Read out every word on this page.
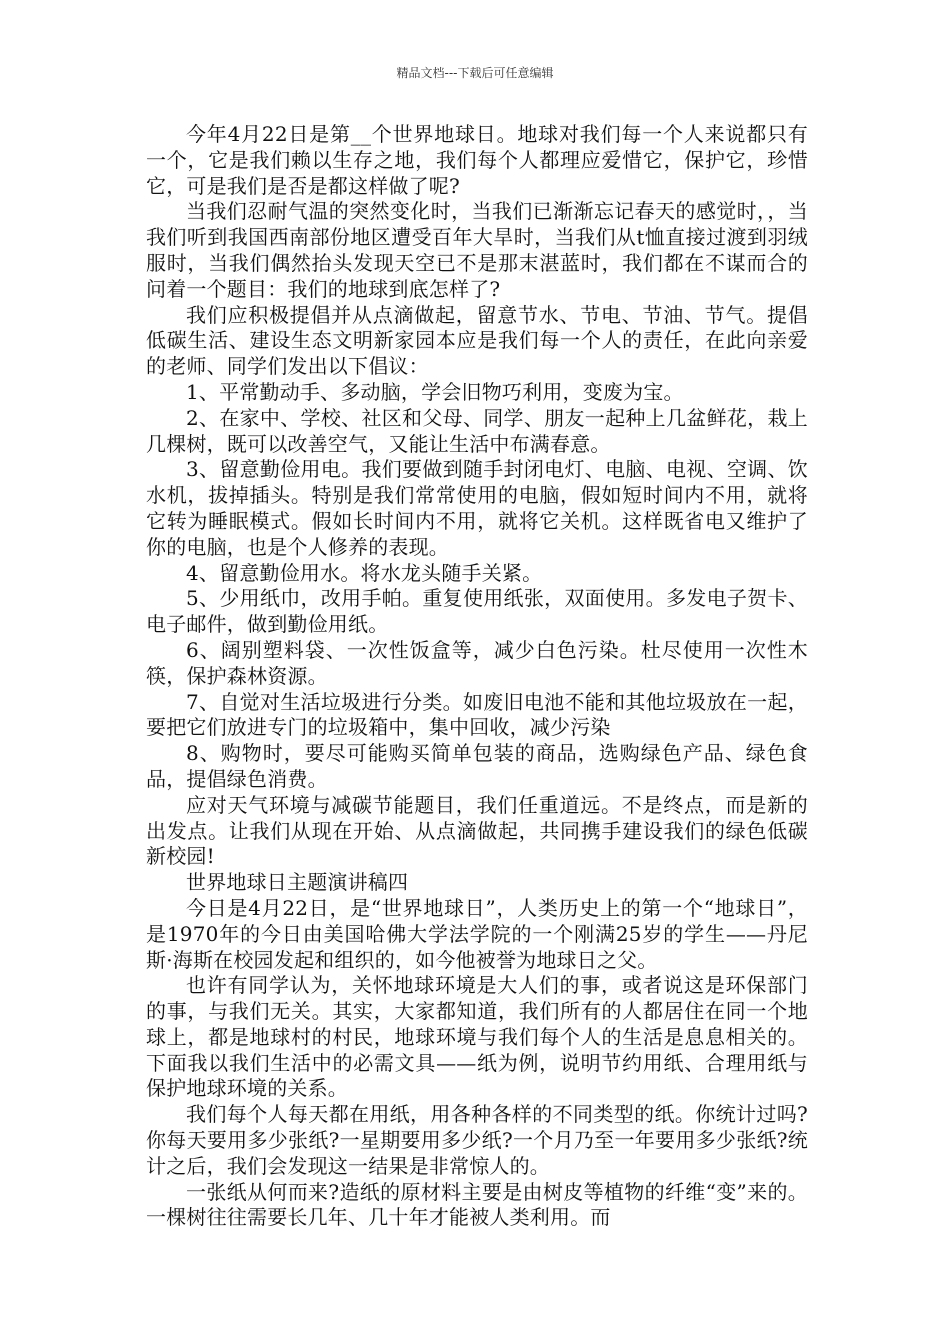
精品文档---下载后可任意编辑

今年4月22日是第__个世界地球日。地球对我们每一个人来说都只有一个，它是我们赖以生存之地，我们每个人都理应爱惜它，保护它，珍惜它，可是我们是否是都这样做了呢?

当我们忍耐气温的突然变化时，当我们已渐渐忘记春天的感觉时，，当我们听到我国西南部份地区遭受百年大旱时，当我们从t恤直接过渡到羽绒服时，当我们偶然抬头发现天空已不是那末湛蓝时，我们都在不谋而合的问着一个题目：我们的地球到底怎样了?

我们应积极提倡并从点滴做起，留意节水、节电、节油、节气。提倡低碳生活、建设生态文明新家园本应是我们每一个人的责任，在此向亲爱的老师、同学们发出以下倡议：

1、平常勤动手、多动脑，学会旧物巧利用，变废为宝。

2、在家中、学校、社区和父母、同学、朋友一起种上几盆鲜花，栽上几棵树，既可以改善空气，又能让生活中布满春意。

3、留意勤俭用电。我们要做到随手封闭电灯、电脑、电视、空调、饮水机，拔掉插头。特别是我们常常使用的电脑，假如短时间内不用，就将它转为睡眠模式。假如长时间内不用，就将它关机。这样既省电又维护了你的电脑，也是个人修养的表现。

4、留意勤俭用水。将水龙头随手关紧。

5、少用纸巾，改用手帕。重复使用纸张，双面使用。多发电子贺卡、电子邮件，做到勤俭用纸。

6、阔别塑料袋、一次性饭盒等，减少白色污染。杜尽使用一次性木筷，保护森林资源。

7、自觉对生活垃圾进行分类。如废旧电池不能和其他垃圾放在一起，要把它们放进专门的垃圾箱中，集中回收，减少污染

8、购物时，要尽可能购买简单包装的商品，选购绿色产品、绿色食品，提倡绿色消费。

应对天气环境与减碳节能题目，我们任重道远。不是终点，而是新的出发点。让我们从现在开始、从点滴做起，共同携手建设我们的绿色低碳新校园!

世界地球日主题演讲稿四

今日是4月22日，是“世界地球日”，人类历史上的第一个“地球日”，是1970年的今日由美国哈佛大学法学院的一个刚满25岁的学生——丹尼斯·海斯在校园发起和组织的，如今他被誉为地球日之父。

也许有同学认为，关怀地球环境是大人们的事，或者说这是环保部门的事，与我们无关。其实，大家都知道，我们所有的人都居住在同一个地球上，都是地球村的村民，地球环境与我们每个人的生活是息息相关的。下面我以我们生活中的必需文具——纸为例，说明节约用纸、合理用纸与保护地球环境的关系。

我们每个人每天都在用纸，用各种各样的不同类型的纸。你统计过吗?你每天要用多少张纸?一星期要用多少纸?一个月乃至一年要用多少张纸?统计之后，我们会发现这一结果是非常惊人的。

一张纸从何而来?造纸的原材料主要是由树皮等植物的纤维“变”来的。一棵树往往需要长几年、几十年才能被人类利用。而
